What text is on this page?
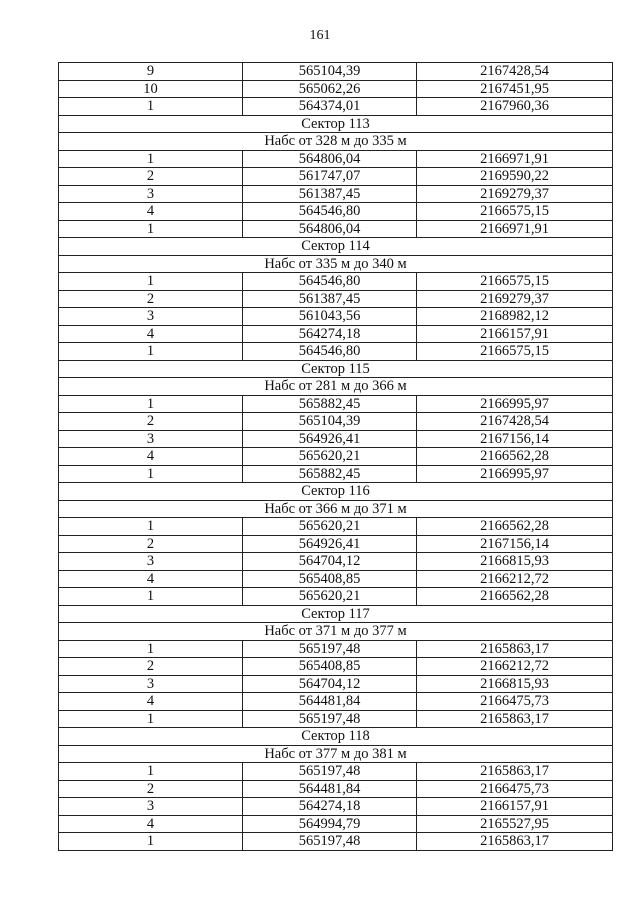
161
9	565104,39	2167428,54
10	565062,26	2167451,95
1	564374,01	2167960,36
Сектор 113		
Набс от 328 м до 335 м		
1	564806,04	2166971,91
2	561747,07	2169590,22
3	561387,45	2169279,37
4	564546,80	2166575,15
1	564806,04	2166971,91
Сектор 114		
Набс от 335 м до 340 м		
1	564546,80	2166575,15
2	561387,45	2169279,37
3	561043,56	2168982,12
4	564274,18	2166157,91
1	564546,80	2166575,15
Сектор 115		
Набс от 281 м до 366 м		
1	565882,45	2166995,97
2	565104,39	2167428,54
3	564926,41	2167156,14
4	565620,21	2166562,28
1	565882,45	2166995,97
Сектор 116		
Набс от 366 м до 371 м		
1	565620,21	2166562,28
2	564926,41	2167156,14
3	564704,12	2166815,93
4	565408,85	2166212,72
1	565620,21	2166562,28
Сектор 117		
Набс от 371 м до 377 м		
1	565197,48	2165863,17
2	565408,85	2166212,72
3	564704,12	2166815,93
4	564481,84	2166475,73
1	565197,48	2165863,17
Сектор 118		
Набс от 377 м до 381 м		
1	565197,48	2165863,17
2	564481,84	2166475,73
3	564274,18	2166157,91
4	564994,79	2165527,95
1	565197,48	2165863,17
